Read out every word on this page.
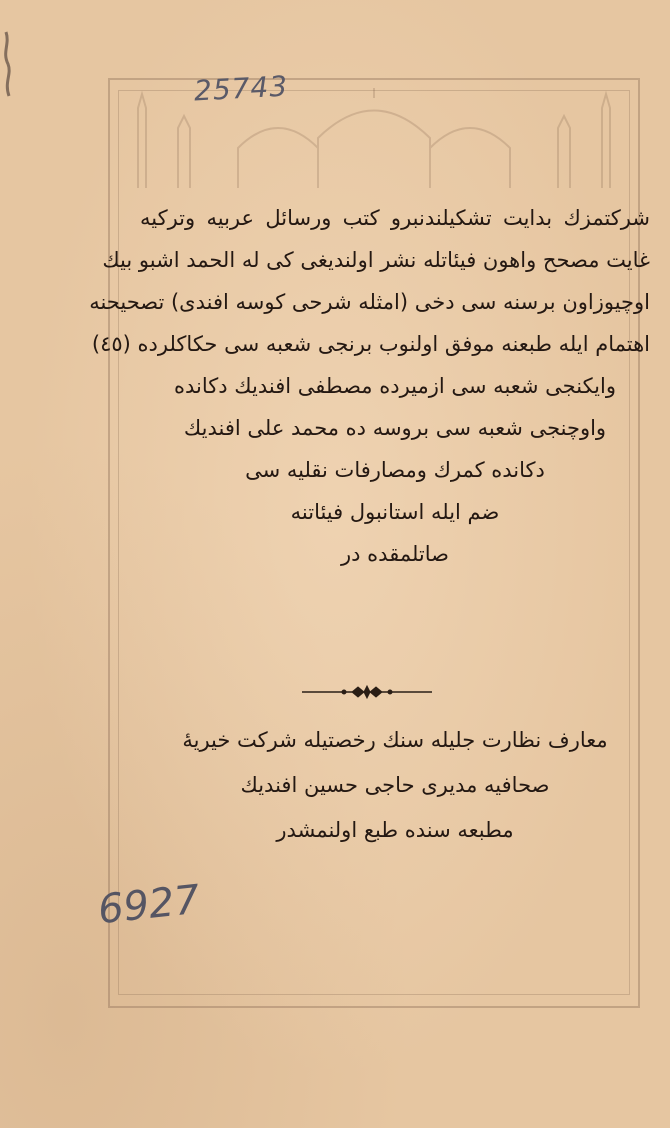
25743
شركتمزك بدايت تشكيلندنبرو كتب ورسائل عربيه وتركيه
غايت مصحح واهون فيئاتله نشر اولنديغى كى له الحمد اشبو بيك
اوچيوزاون برسنه سى دخى (امثله شرحى كوسه افندى) تصحيحنه
اهتمام ايله طبعنه موفق اولنوب برنجى شعبه سى حكاكلرده (٤٥)
وايكنجى شعبه سى ازميرده مصطفى افنديك دكانده
واوچنجى شعبه سى بروسه ده محمد على افنديك
دكانده كمرك ومصارفات نقليه سى
ضم ايله استانبول فيئاتنه
صاتلمقده در
معارف نظارت جليله سنك رخصتيله شركت خيريهٔ
صحافيه مديرى حاجى حسين افنديك
مطبعه سنده طبع اولنمشدر
6927
